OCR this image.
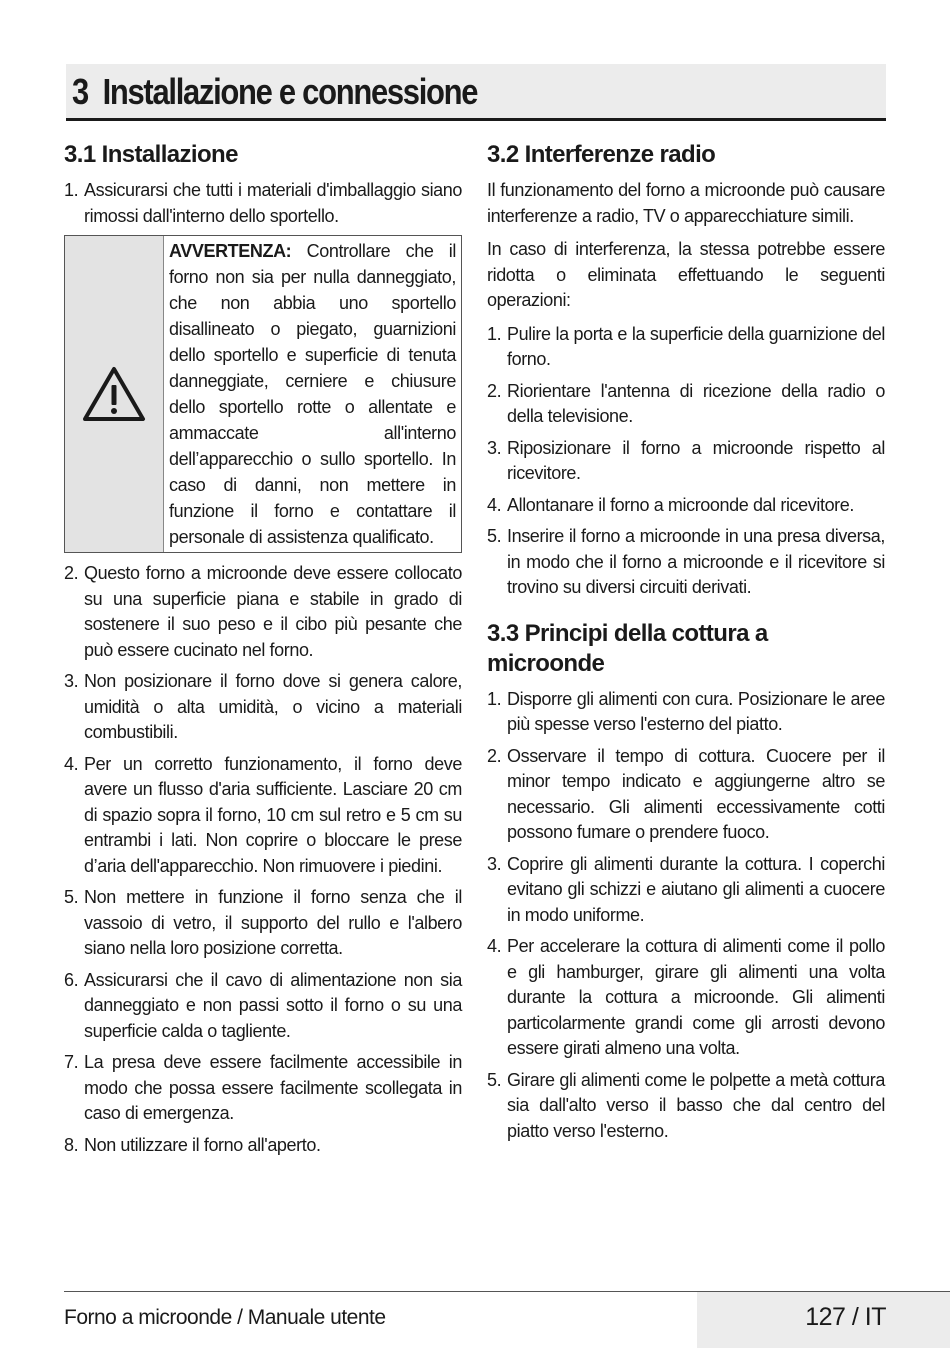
3 Installazione e connessione
3.1 Installazione
1. Assicurarsi che tutti i materiali d'imballaggio siano rimossi dall'interno dello sportello.
AVVERTENZA: Controllare che il forno non sia per nulla danneggiato, che non abbia uno sportello disallineato o piegato, guarnizioni dello sportello e superficie di tenuta danneggiate, cerniere e chiusure dello sportello rotte o allentate e ammaccate all'interno dell’apparecchio o sullo sportello. In caso di danni, non mettere in funzione il forno e contattare il personale di assistenza qualificato.
2. Questo forno a microonde deve essere collocato su una superficie piana e stabile in grado di sostenere il suo peso e il cibo più pesante che può essere cucinato nel forno.
3. Non posizionare il forno dove si genera calore, umidità o alta umidità, o vicino a materiali combustibili.
4. Per un corretto funzionamento, il forno deve avere un flusso d'aria sufficiente. Lasciare 20 cm di spazio sopra il forno, 10 cm sul retro e 5 cm su entrambi i lati. Non coprire o bloccare le prese d’aria dell'apparecchio. Non rimuovere i piedini.
5. Non mettere in funzione il forno senza che il vassoio di vetro, il supporto del rullo e l'albero siano nella loro posizione corretta.
6. Assicurarsi che il cavo di alimentazione non sia danneggiato e non passi sotto il forno o su una superficie calda o tagliente.
7. La presa deve essere facilmente accessibile in modo che possa essere facilmente scollegata in caso di emergenza.
8. Non utilizzare il forno all'aperto.
3.2 Interferenze radio

Il funzionamento del forno a microonde può causare interferenze a radio, TV o apparecchiature simili.

In caso di interferenza, la stessa potrebbe essere ridotta o eliminata effettuando le seguenti operazioni:

1. Pulire la porta e la superficie della guarnizione del forno.
2. Riorientare l'antenna di ricezione della radio o della televisione.
3. Riposizionare il forno a microonde rispetto al ricevitore.
4. Allontanare il forno a microonde dal ricevitore.
5. Inserire il forno a microonde in una presa diversa, in modo che il forno a microonde e il ricevitore si trovino su diversi circuiti derivati.
3.3 Principi della cottura a microonde
1. Disporre gli alimenti con cura. Posizionare le aree più spesse verso l'esterno del piatto.
2. Osservare il tempo di cottura. Cuocere per il minor tempo indicato e aggiungerne altro se necessario. Gli alimenti eccessivamente cotti possono fumare o prendere fuoco.
3. Coprire gli alimenti durante la cottura. I coperchi evitano gli schizzi e aiutano gli alimenti a cuocere in modo uniforme.
4. Per accelerare la cottura di alimenti come il pollo e gli hamburger, girare gli alimenti una volta durante la cottura a microonde. Gli alimenti particolarmente grandi come gli arrosti devono essere girati almeno una volta.
5. Girare gli alimenti come le polpette a metà cottura sia dall'alto verso il basso che dal centro del piatto verso l'esterno.
Forno a microonde / Manuale utente	127 / IT
